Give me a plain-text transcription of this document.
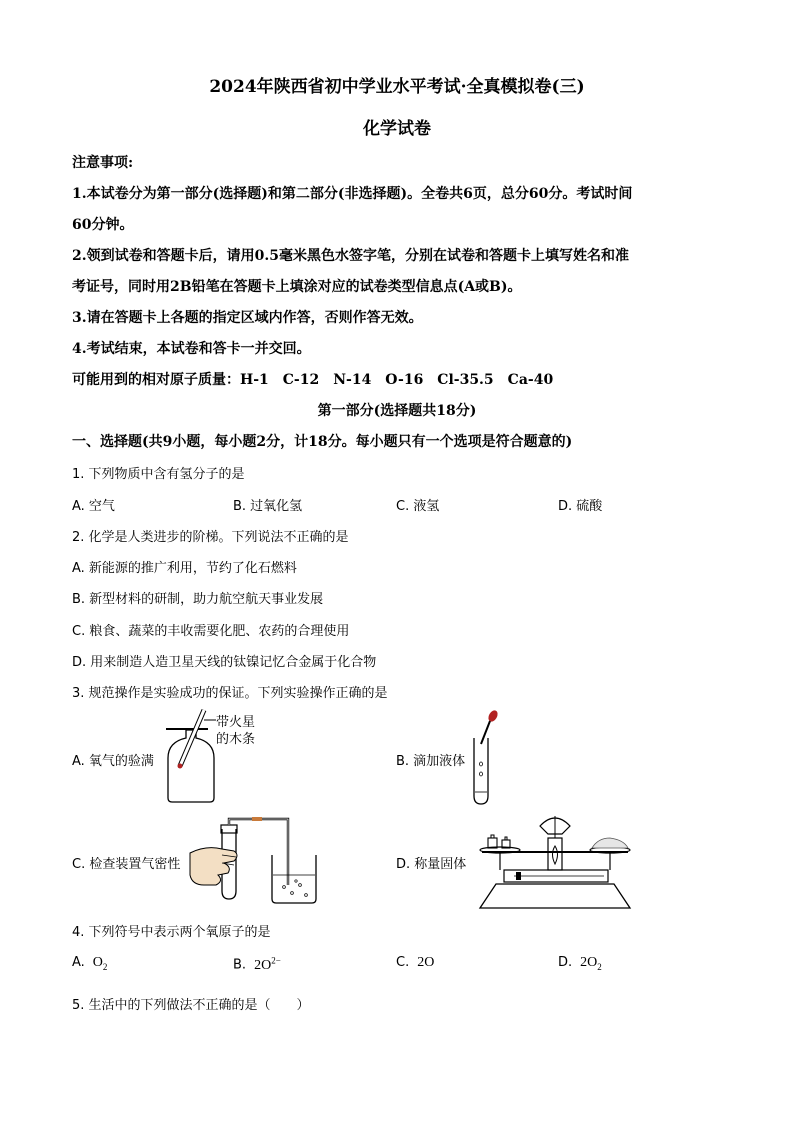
2024年陕西省初中学业水平考试·全真模拟卷(三)
化学试卷
注意事项:
1.本试卷分为第一部分(选择题)和第二部分(非选择题)。全卷共6页，总分60分。考试时间
60分钟。
2.领到试卷和答题卡后，请用0.5毫米黑色水签字笔，分别在试卷和答题卡上填写姓名和准
考证号，同时用2B铅笔在答题卡上填涂对应的试卷类型信息点(A或B)。
3.请在答题卡上各题的指定区域内作答，否则作答无效。
4.考试结束，本试卷和答卡一并交回。
可能用到的相对原子质量：H-1　C-12　N-14　O-16　Cl-35.5　Ca-40
第一部分(选择题共18分)
一、选择题(共9小题，每小题2分，计18分。每小题只有一个选项是符合题意的)
1. 下列物质中含有氢分子的是
A. 空气	B. 过氧化氢	C. 液氢	D. 硫酸
2. 化学是人类进步的阶梯。下列说法不正确的是
A. 新能源的推广利用，节约了化石燃料
B. 新型材料的研制，助力航空航天事业发展
C. 粮食、蔬菜的丰收需要化肥、农药的合理使用
D. 用来制造人造卫星天线的钛镍记忆合金属于化合物
3. 规范操作是实验成功的保证。下列实验操作正确的是
A. 氧气的验满
带火星
的木条
B. 滴加液体
C. 检查装置气密性	D. 称量固体
4. 下列符号中表示两个氧原子的是
A. $O_2$	B. $2O^{2-}$	C. 2O	D. $2O_2$
5. 生活中的下列做法不正确的是（　　）
